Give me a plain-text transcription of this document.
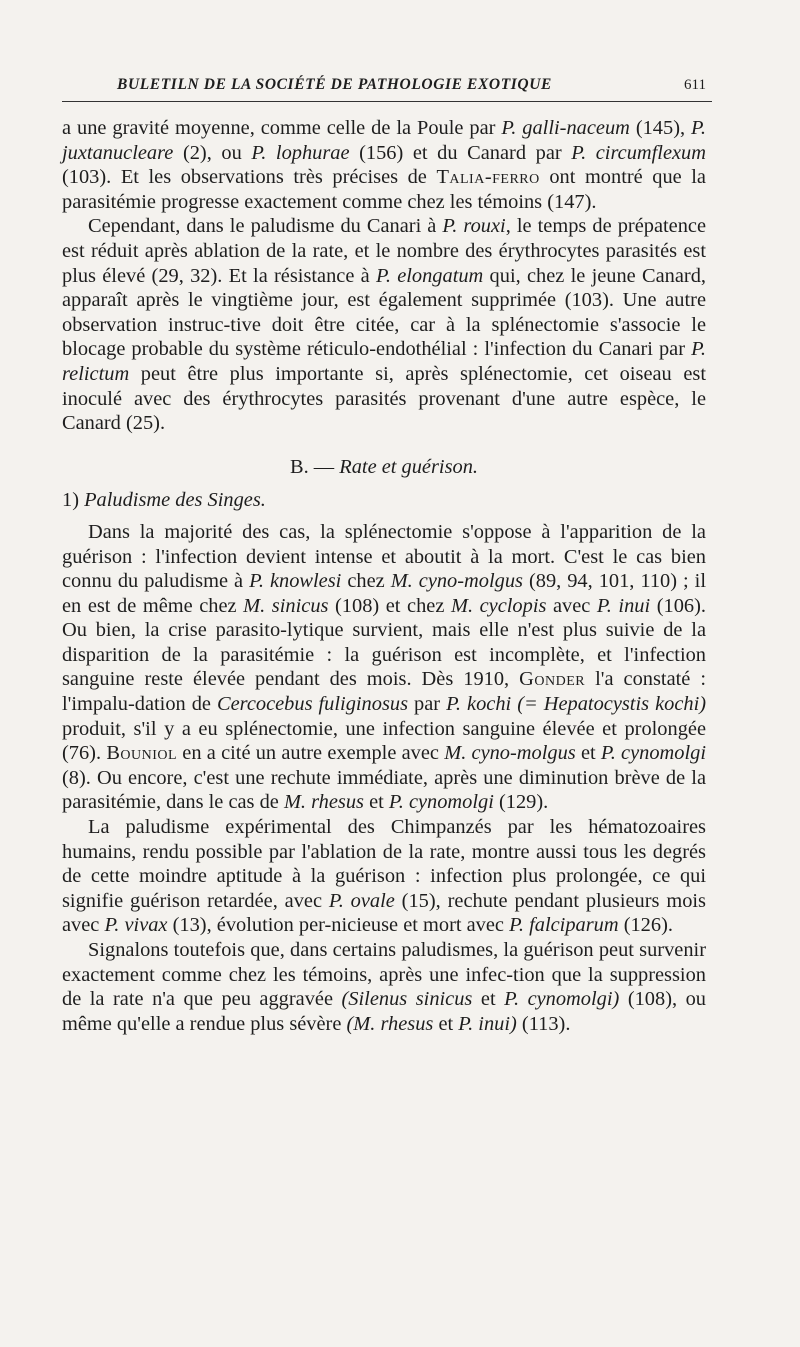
BULETILN DE LA SOCIÉTÉ DE PATHOLOGIE EXOTIQUE	611

a une gravité moyenne, comme celle de la Poule par P. galli-naceum (145), P. juxtanucleare (2), ou P. lophurae (156) et du Canard par P. circumflexum (103). Et les observations très précises de Talia-ferro ont montré que la parasitémie progresse exactement comme chez les témoins (147).

Cependant, dans le paludisme du Canari à P. rouxi, le temps de prépatence est réduit après ablation de la rate, et le nombre des érythrocytes parasités est plus élevé (29, 32). Et la résistance à P. elongatum qui, chez le jeune Canard, apparaît après le vingtième jour, est également supprimée (103). Une autre observation instruc-tive doit être citée, car à la splénectomie s'associe le blocage probable du système réticulo-endothélial : l'infection du Canari par P. relictum peut être plus importante si, après splénectomie, cet oiseau est inoculé avec des érythrocytes parasités provenant d'une autre espèce, le Canard (25).

B. — Rate et guérison.

1) Paludisme des Singes.

Dans la majorité des cas, la splénectomie s'oppose à l'apparition de la guérison : l'infection devient intense et aboutit à la mort. C'est le cas bien connu du paludisme à P. knowlesi chez M. cyno-molgus (89, 94, 101, 110) ; il en est de même chez M. sinicus (108) et chez M. cyclopis avec P. inui (106). Ou bien, la crise parasito-lytique survient, mais elle n'est plus suivie de la disparition de la parasitémie : la guérison est incomplète, et l'infection sanguine reste élevée pendant des mois. Dès 1910, Gonder l'a constaté : l'impalu-dation de Cercocebus fuliginosus par P. kochi (= Hepatocystis kochi) produit, s'il y a eu splénectomie, une infection sanguine élevée et prolongée (76). Bouniol en a cité un autre exemple avec M. cyno-molgus et P. cynomolgi (8). Ou encore, c'est une rechute immédiate, après une diminution brève de la parasitémie, dans le cas de M. rhesus et P. cynomolgi (129).

La paludisme expérimental des Chimpanzés par les hématozoaires humains, rendu possible par l'ablation de la rate, montre aussi tous les degrés de cette moindre aptitude à la guérison : infection plus prolongée, ce qui signifie guérison retardée, avec P. ovale (15), rechute pendant plusieurs mois avec P. vivax (13), évolution per-nicieuse et mort avec P. falciparum (126).

Signalons toutefois que, dans certains paludismes, la guérison peut survenir exactement comme chez les témoins, après une infec-tion que la suppression de la rate n'a que peu aggravée (Silenus sinicus et P. cynomolgi) (108), ou même qu'elle a rendue plus sévère (M. rhesus et P. inui) (113).
